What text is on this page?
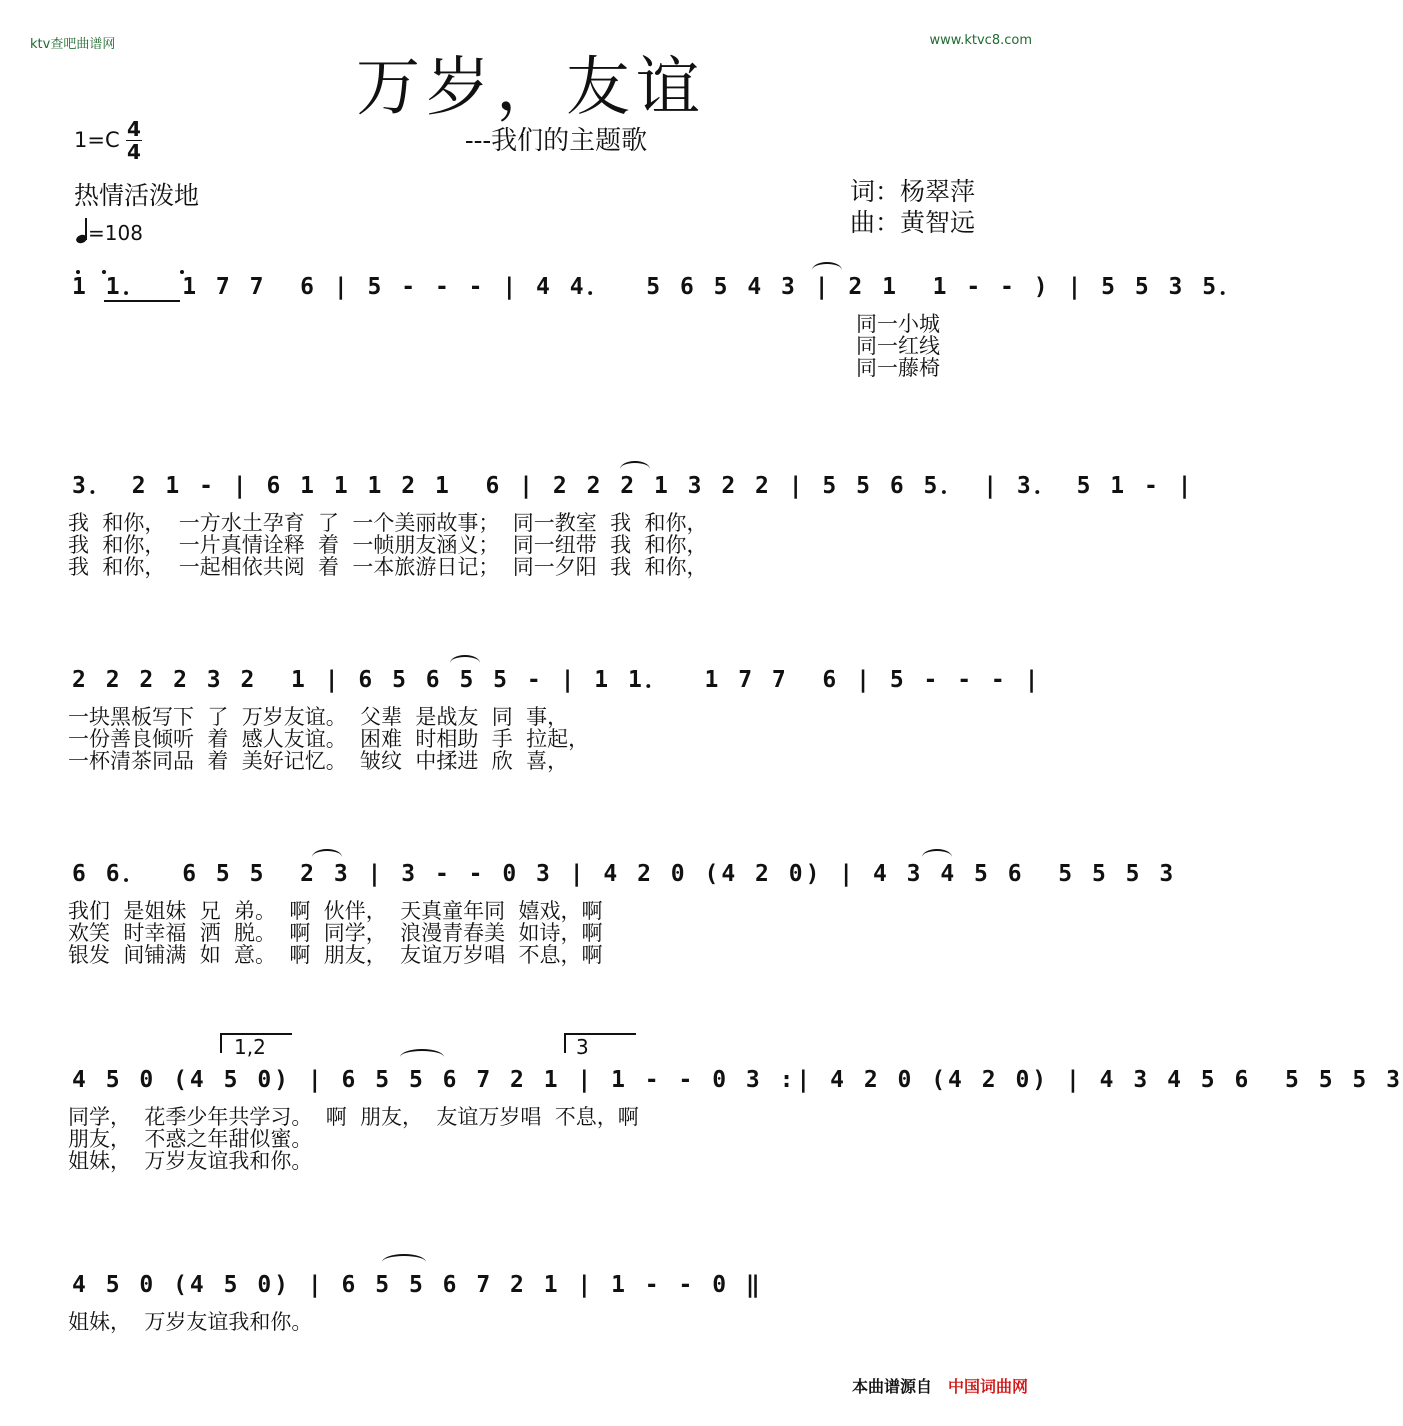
ktv查吧曲谱网	www.ktvc8.com
万岁，友谊
---我们的主题歌
1=C 4
4
热情活泼地
=108
词：杨翠萍
曲：黄智远
1 1．  1 7 7  6 | 5 - - - | 4 4．  5 6 5 4 3 | 2 1  1 - - ) | 5 5 3 5．
同一小城
同一红线
同一藤椅
3． 2 1 - | 6 1 1 1 2 1  6 | 2 2 2 1 3 2 2 | 5 5 6 5． | 3． 5 1 - |
我  和你，  一方水土孕育  了  一个美丽故事；  同一教室  我  和你，
我  和你，  一片真情诠释  着  一帧朋友涵义；  同一纽带  我  和你，
我  和你，  一起相依共阅  着  一本旅游日记；  同一夕阳  我  和你，
2 2 2 2 3 2  1 | 6 5 6 5 5 - | 1 1．  1 7 7  6 | 5 - - - |
一块黑板写下  了  万岁友谊。  父辈  是战友  同  事，
一份善良倾听  着  感人友谊。  困难  时相助  手  拉起，
一杯清茶同品  着  美好记忆。  皱纹  中揉进  欣  喜，
6 6．  6 5 5  2 3 | 3 - - 0 3 | 4 2 0 (4 2 0) | 4 3 4 5 6  5 5 5 3
我们  是姐妹  兄  弟。  啊  伙伴，  天真童年同  嬉戏，啊
欢笑  时幸福  洒  脱。  啊  同学，  浪漫青春美  如诗，啊
银发  间铺满  如  意。  啊  朋友，  友谊万岁唱  不息，啊
1,2	3
4 5 0 (4 5 0) | 6 5 5 6 7 2 1 | 1 - - 0 3 :| 4 2 0 (4 2 0) | 4 3 4 5 6  5 5 5 3
同学，  花季少年共学习。  啊  朋友，  友谊万岁唱  不息，啊
朋友，  不惑之年甜似蜜。
姐妹，  万岁友谊我和你。
4 5 0 (4 5 0) | 6 5 5 6 7 2 1 | 1 - - 0 ‖
姐妹，  万岁友谊我和你。
本曲谱源自 中国词曲网
